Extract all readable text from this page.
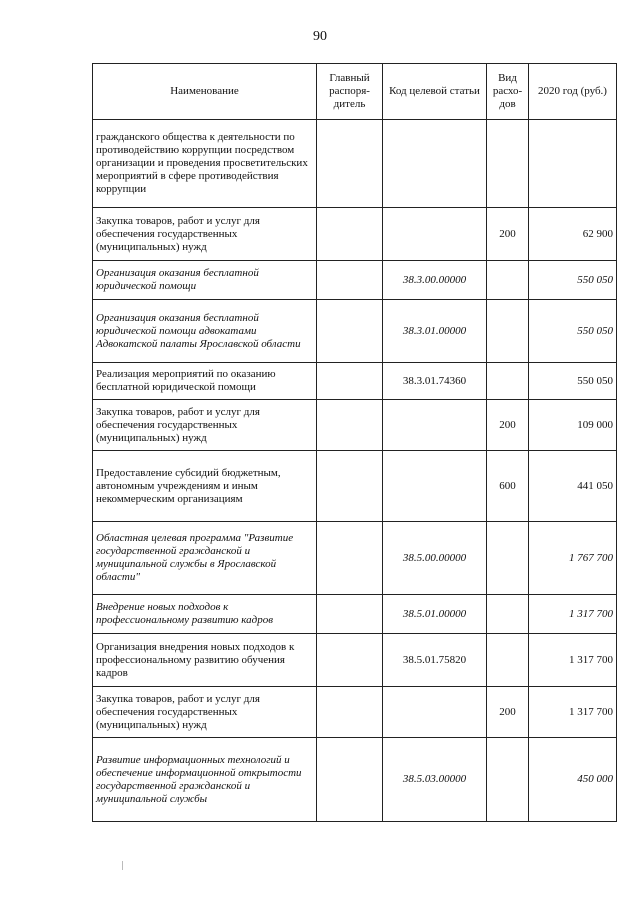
90
Наименование	Главный распоря-дитель	Код целевой статьи	Вид расхо-дов	2020 год (руб.)
гражданского общества к деятельности по противодействию коррупции посредством организации и проведения просветительских мероприятий в сфере противодействия коррупции				
Закупка товаров, работ и услуг для обеспечения государственных (муниципальных) нужд			200	62 900
Организация оказания бесплатной юридической помощи		38.3.00.00000		550 050
Организация оказания бесплатной юридической помощи адвокатами Адвокатской палаты Ярославской области		38.3.01.00000		550 050
Реализация мероприятий по оказанию бесплатной юридической помощи		38.3.01.74360		550 050
Закупка товаров, работ и услуг для обеспечения государственных (муниципальных) нужд			200	109 000
Предоставление субсидий бюджетным, автономным учреждениям и иным некоммерческим организациям			600	441 050
Областная целевая программа "Развитие государственной гражданской и муниципальной службы в Ярославской области"		38.5.00.00000		1 767 700
Внедрение новых подходов к профессиональному развитию кадров		38.5.01.00000		1 317 700
Организация внедрения новых подходов к профессиональному развитию обучения кадров		38.5.01.75820		1 317 700
Закупка товаров, работ и услуг для обеспечения государственных (муниципальных) нужд			200	1 317 700
Развитие информационных технологий и обеспечение информационной открытости государственной гражданской и муниципальной службы		38.5.03.00000		450 000
